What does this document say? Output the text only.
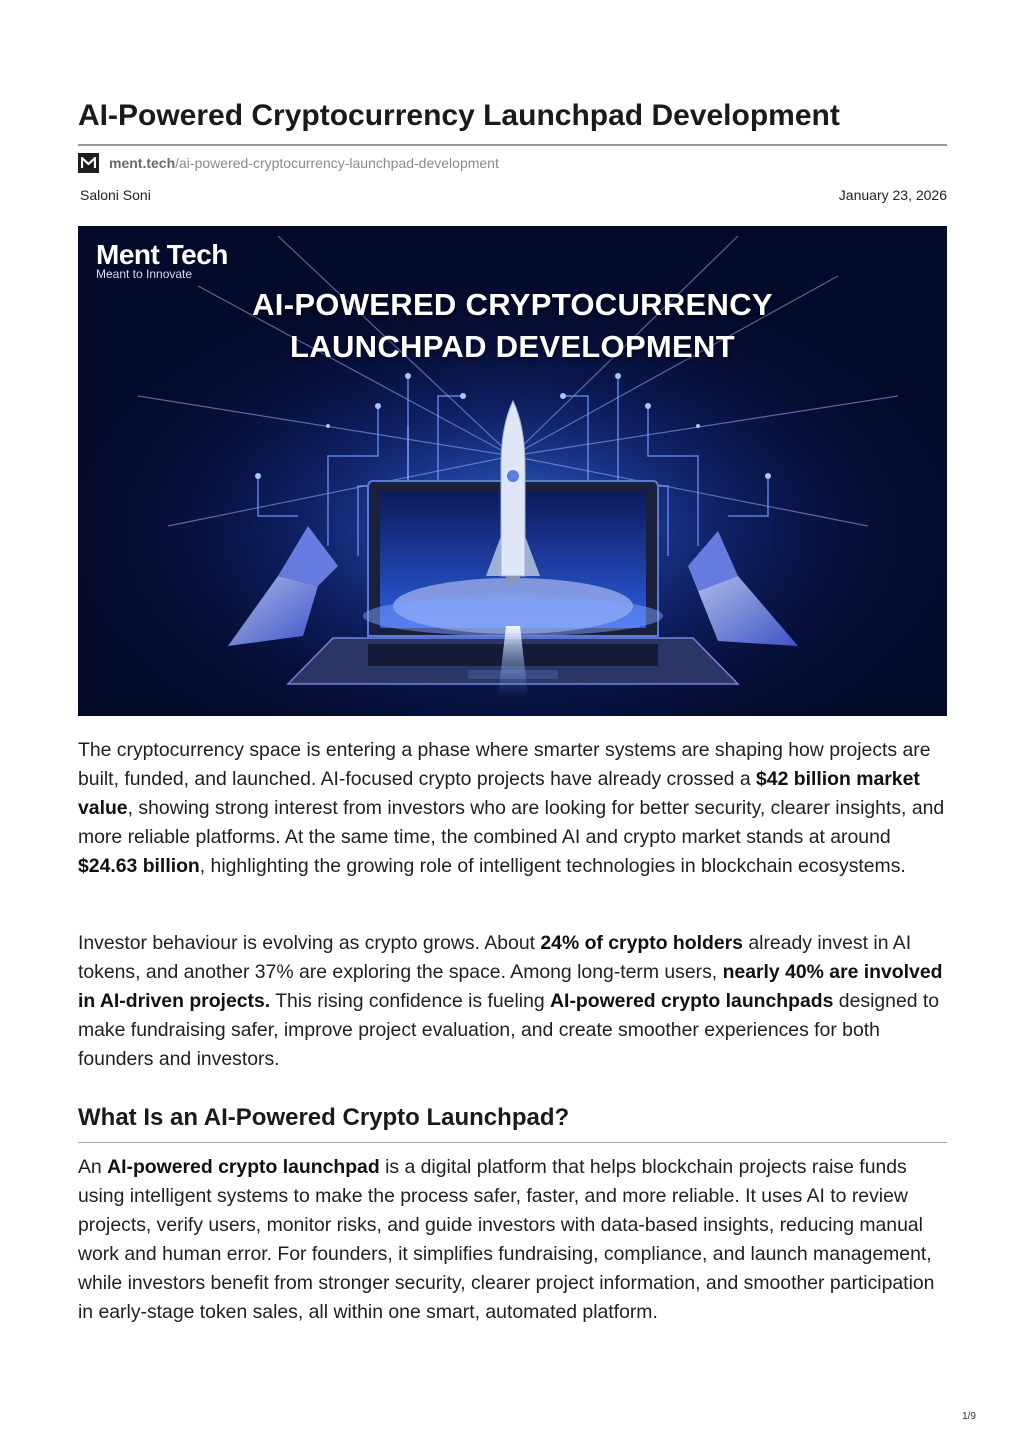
AI-Powered Cryptocurrency Launchpad Development
ment.tech /ai-powered-cryptocurrency-launchpad-development
Saloni Soni	January 23, 2026
Ment Tech
Meant to Innovate
AI-POWERED CRYPTOCURRENCY
LAUNCHPAD DEVELOPMENT

The cryptocurrency space is entering a phase where smarter systems are shaping how projects are built, funded, and launched. AI-focused crypto projects have already crossed a $42 billion market value, showing strong interest from investors who are looking for better security, clearer insights, and more reliable platforms. At the same time, the combined AI and crypto market stands at around $24.63 billion, highlighting the growing role of intelligent technologies in blockchain ecosystems.

Investor behaviour is evolving as crypto grows. About 24% of crypto holders already invest in AI tokens, and another 37% are exploring the space. Among long-term users, nearly 40% are involved in AI-driven projects. This rising confidence is fueling AI-powered crypto launchpads designed to make fundraising safer, improve project evaluation, and create smoother experiences for both founders and investors.

What Is an AI-Powered Crypto Launchpad?

An AI-powered crypto launchpad is a digital platform that helps blockchain projects raise funds using intelligent systems to make the process safer, faster, and more reliable. It uses AI to review projects, verify users, monitor risks, and guide investors with data-based insights, reducing manual work and human error. For founders, it simplifies fundraising, compliance, and launch management, while investors benefit from stronger security, clearer project information, and smoother participation in early-stage token sales, all within one smart, automated platform.

1/9
